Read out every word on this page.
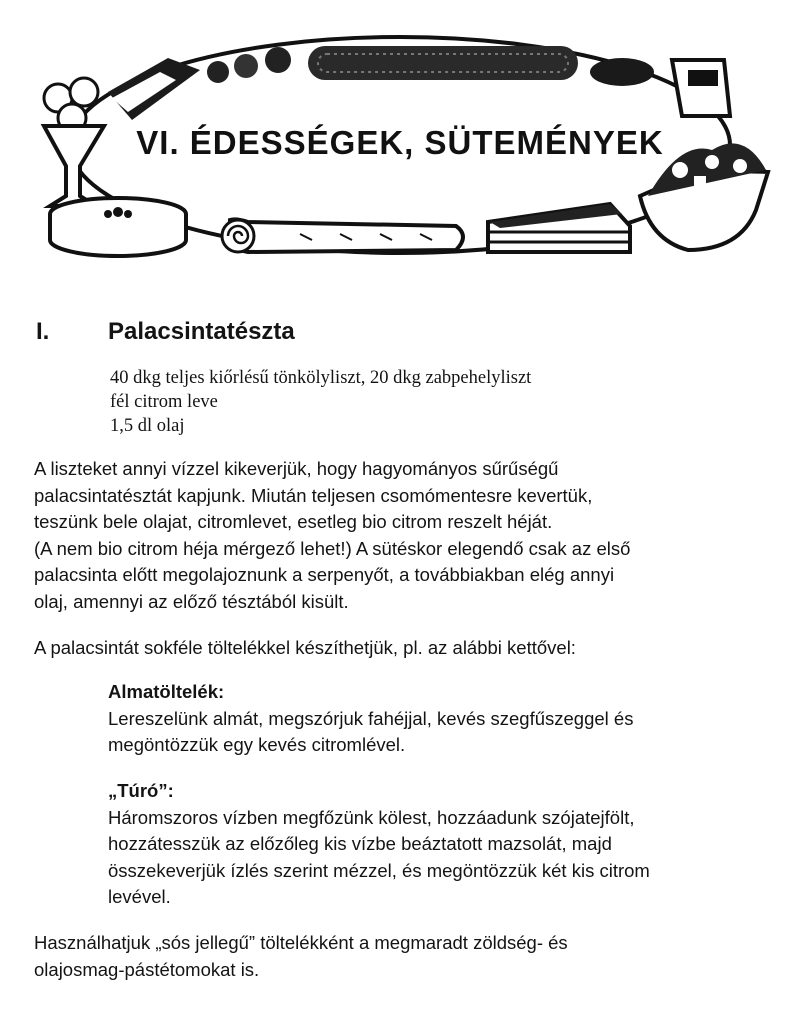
VI. ÉDESSÉGEK, SÜTEMÉNYEK
I. Palacsintatészta
40 dkg teljes kiőrlésű tönkölyliszt, 20 dkg zabpehelyliszt
fél citrom leve
1,5 dl olaj
A liszteket annyi vízzel kikeverjük, hogy hagyományos sűrűségű
palacsintatésztát kapjunk. Miután teljesen csomómentesre kevertük,
teszünk bele olajat, citromlevet, esetleg bio citrom reszelt héját.
(A nem bio citrom héja mérgező lehet!) A sütéskor elegendő csak az első
palacsinta előtt megolajoznunk a serpenyőt, a továbbiakban elég annyi
olaj, amennyi az előző tésztából kisült.
A palacsintát sokféle töltelékkel készíthetjük, pl. az alábbi kettővel:
Almatöltelék:
Lereszelünk almát, megszórjuk fahéjjal, kevés szegfűszeggel és
megöntözzük egy kevés citromlével.
„Túró”:
Háromszoros vízben megfőzünk kölest, hozzáadunk szójatejfölt,
hozzátesszük az előzőleg kis vízbe beáztatott mazsolát, majd
összekeverjük ízlés szerint mézzel, és megöntözzük két kis citrom
levével.
Használhatjuk „sós jellegű” töltelékként a megmaradt zöldség- és
olajosmag-pástétomokat is.
